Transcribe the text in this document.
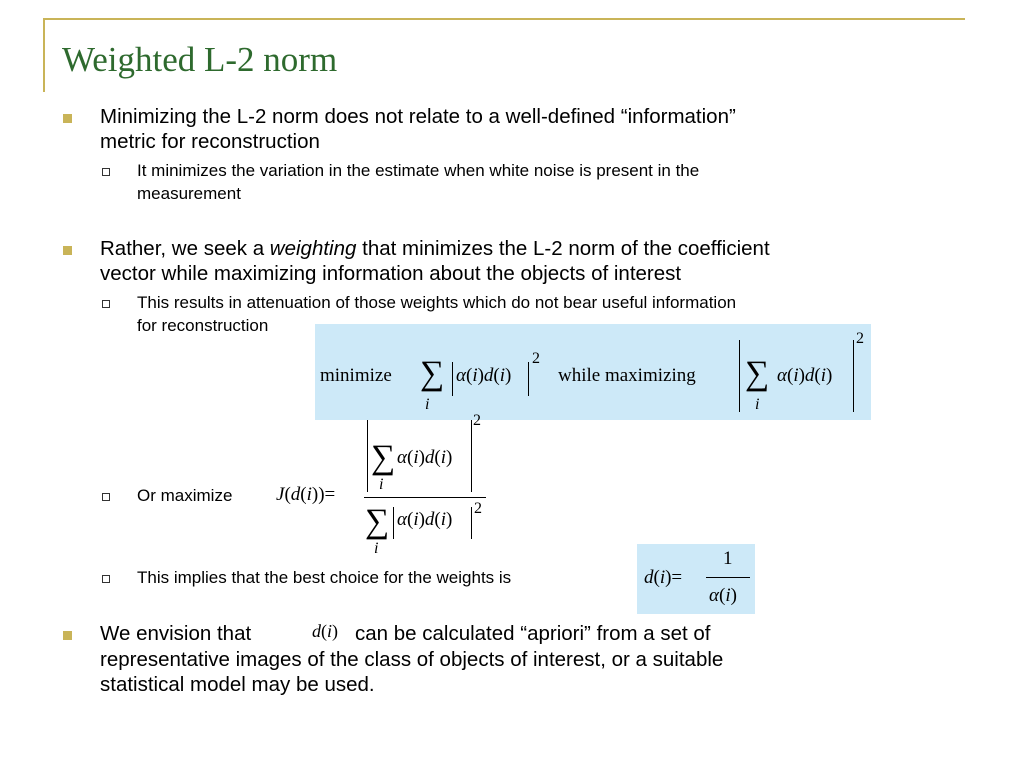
Weighted L-2 norm
Minimizing the L-2 norm does not relate to a well-defined “information”
metric for reconstruction
It minimizes the variation in the estimate when white noise is present in the
measurement
Rather, we seek a weighting that minimizes the L-2 norm of the coefficient
vector while maximizing information about the objects of interest
This results in attenuation of those weights which do not bear useful information
for reconstruction
minimize ∑
i
α(i)d(i)
2
while maximizing ∑
i
α(i)d(i)
2
Or maximize J(d(i))=
∑
i
α(i)d(i)
2
∑
i
α(i)d(i)
2
This implies that the best choice for the weights is	d(i)=
1
α(i)
We envision that	d(i) can be calculated “apriori” from a set of
representative images of the class of objects of interest, or a suitable
statistical model may be used.
